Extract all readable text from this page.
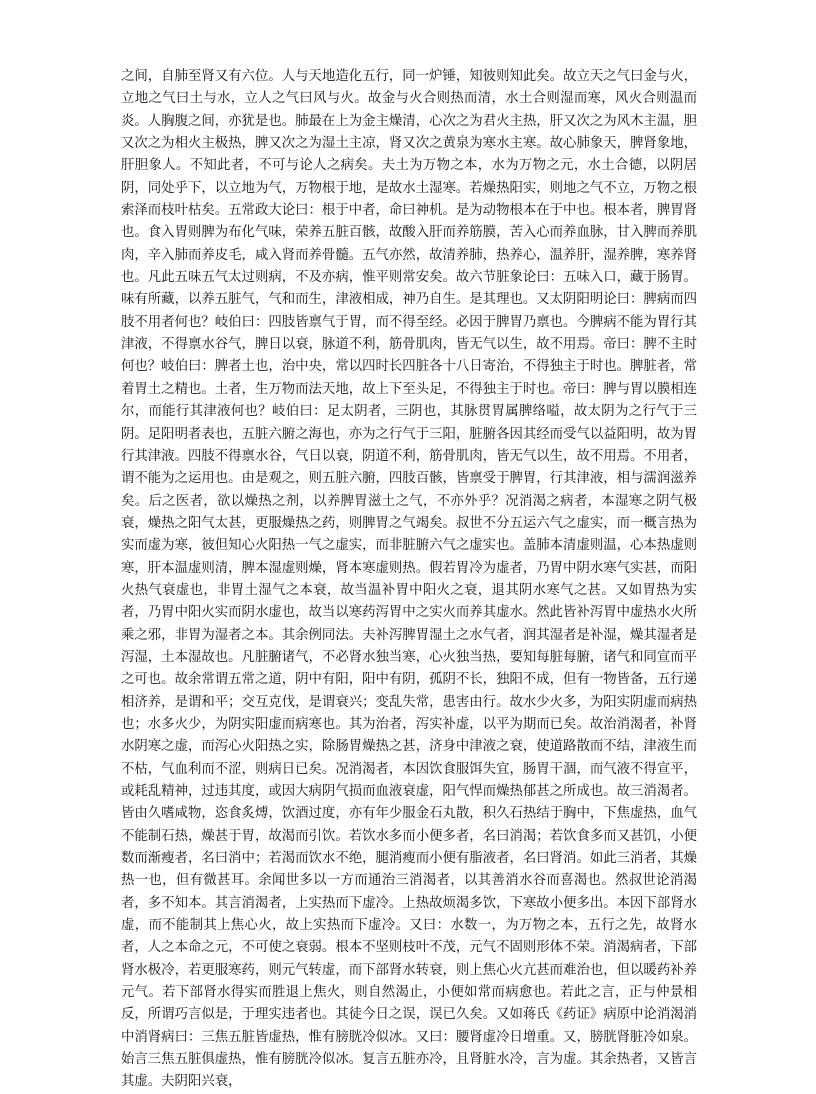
之间，自肺至肾又有六位。人与天地造化五行，同一炉锤，知彼则知此矣。故立天之气曰金与火，立地之气曰土与水，立人之气曰风与火。故金与火合则热而清，水土合则湿而寒，风火合则温而炎。人胸腹之间，亦犹是也。肺最在上为金主燥清，心次之为君火主热，肝又次之为风木主温，胆又次之为相火主极热，脾又次之为湿土主凉，肾又次之黄泉为寒水主寒。故心肺象天，脾肾象地，肝胆象人。不知此者，不可与论人之病矣。夫土为万物之本，水为万物之元，水土合德，以阴居阴，同处乎下，以立地为气，万物根于地，是故水土湿寒。若燥热阳实，则地之气不立，万物之根索泽而枝叶枯矣。五常政大论曰：根于中者，命曰神机。是为动物根本在于中也。根本者，脾胃肾也。食入胃则脾为布化气味，荣养五脏百骸，故酸入肝而养筋膜，苦入心而养血脉，甘入脾而养肌肉，辛入肺而养皮毛，咸入肾而养骨髓。五气亦然，故清养肺，热养心，温养肝，湿养脾，寒养肾也。凡此五味五气太过则病，不及亦病，惟平则常安矣。故六节脏象论曰：五味入口，藏于肠胃。味有所藏，以养五脏气，气和而生，津液相成，神乃自生。是其理也。又太阴阳明论曰：脾病而四肢不用者何也？岐伯曰：四肢皆禀气于胃，而不得至经。必因于脾胃乃禀也。今脾病不能为胃行其津液，不得禀水谷气，脾日以衰，脉道不利，筋骨肌肉，皆无气以生，故不用焉。帝曰：脾不主时何也？岐伯曰：脾者土也，治中央，常以四时长四脏各十八日寄治，不得独主于时也。脾脏者，常着胃土之精也。土者，生万物而法天地，故上下至头足，不得独主于时也。帝曰：脾与胃以膜相连尔，而能行其津液何也？岐伯曰：足太阴者，三阴也，其脉贯胃属脾络嗌，故太阴为之行气于三阴。足阳明者表也，五脏六腑之海也，亦为之行气于三阳，脏腑各因其经而受气以益阳明，故为胃行其津液。四肢不得禀水谷，气日以衰，阴道不利，筋骨肌肉，皆无气以生，故不用焉。不用者，谓不能为之运用也。由是观之，则五脏六腑，四肢百骸，皆禀受于脾胃，行其津液，相与濡润滋养矣。后之医者，欲以燥热之剂，以养脾胃滋土之气，不亦外乎？况消渴之病者，本湿寒之阴气极衰，燥热之阳气太甚，更服燥热之药，则脾胃之气竭矣。叔世不分五运六气之虚实，而一概言热为实而虚为寒，彼但知心火阳热一气之虚实，而非脏腑六气之虚实也。盖肺本清虚则温，心本热虚则寒，肝本温虚则清，脾本湿虚则燥，肾本寒虚则热。假若胃冷为虚者，乃胃中阴水寒气实甚，而阳火热气衰虚也，非胃土湿气之本衰，故当温补胃中阳火之衰，退其阴水寒气之甚。又如胃热为实者，乃胃中阳火实而阴水虚也，故当以寒药泻胃中之实火而养其虚水。然此皆补泻胃中虚热水火所乘之邪，非胃为湿者之本。其余例同法。夫补泻脾胃湿土之水气者，润其湿者是补湿，燥其湿者是泻湿，土本湿故也。凡脏腑诸气，不必肾水独当寒，心火独当热，要知每脏每腑，诸气和同宣而平之可也。故余常谓五常之道，阴中有阳，阳中有阴，孤阴不长，独阳不成，但有一物皆备，五行递相济养，是谓和平；交互克伐，是谓衰兴；变乱失常，患害由行。故水少火多，为阳实阴虚而病热也；水多火少，为阴实阳虚而病寒也。其为治者，泻实补虚，以平为期而已矣。故治消渴者，补肾水阴寒之虚，而泻心火阳热之实，除肠胃燥热之甚，济身中津液之衰，使道路散而不结，津液生而不枯，气血利而不涩，则病日已矣。况消渴者，本因饮食服饵失宜，肠胃干涸，而气液不得宣平，或耗乱精神，过违其度，或因大病阴气损而血液衰虚，阳气悍而燥热郁甚之所成也。故三消渴者。皆由久嗜咸物，恣食炙煿，饮酒过度，亦有年少服金石丸散，积久石热结于胸中，下焦虚热，血气不能制石热，燥甚于胃，故渴而引饮。若饮水多而小便多者，名曰消渴；若饮食多而又甚饥，小便数而渐瘦者，名曰消中；若渴而饮水不绝，腿消瘦而小便有脂液者，名曰肾消。如此三消者，其燥热一也，但有微甚耳。余闻世多以一方而通治三消渴者，以其善消水谷而喜渴也。然叔世论消渴者，多不知本。其言消渴者，上实热而下虚冷。上热故烦渴多饮，下寒故小便多出。本因下部肾水虚，而不能制其上焦心火，故上实热而下虚冷。又曰：水数一，为万物之本，五行之先，故肾水者，人之本命之元，不可使之衰弱。根本不坚则枝叶不茂，元气不固则形体不荣。消渴病者，下部肾水极冷，若更服寒药，则元气转虚，而下部肾水转衰，则上焦心火亢甚而难治也，但以暖药补养元气。若下部肾水得实而胜退上焦火，则自然渴止，小便如常而病愈也。若此之言，正与仲景相反，所谓巧言似是，于理实违者也。其徒今日之误，误已久矣。又如蒋氏《药证》病原中论消渴消中消肾病曰：三焦五脏皆虚热，惟有膀胱冷似冰。又曰：腰肾虚冷日增重。又，膀胱肾脏冷如泉。始言三焦五脏俱虚热，惟有膀胱冷似冰。复言五脏亦冷，且肾脏水冷，言为虚。其余热者，又皆言其虚。夫阴阳兴衰，
